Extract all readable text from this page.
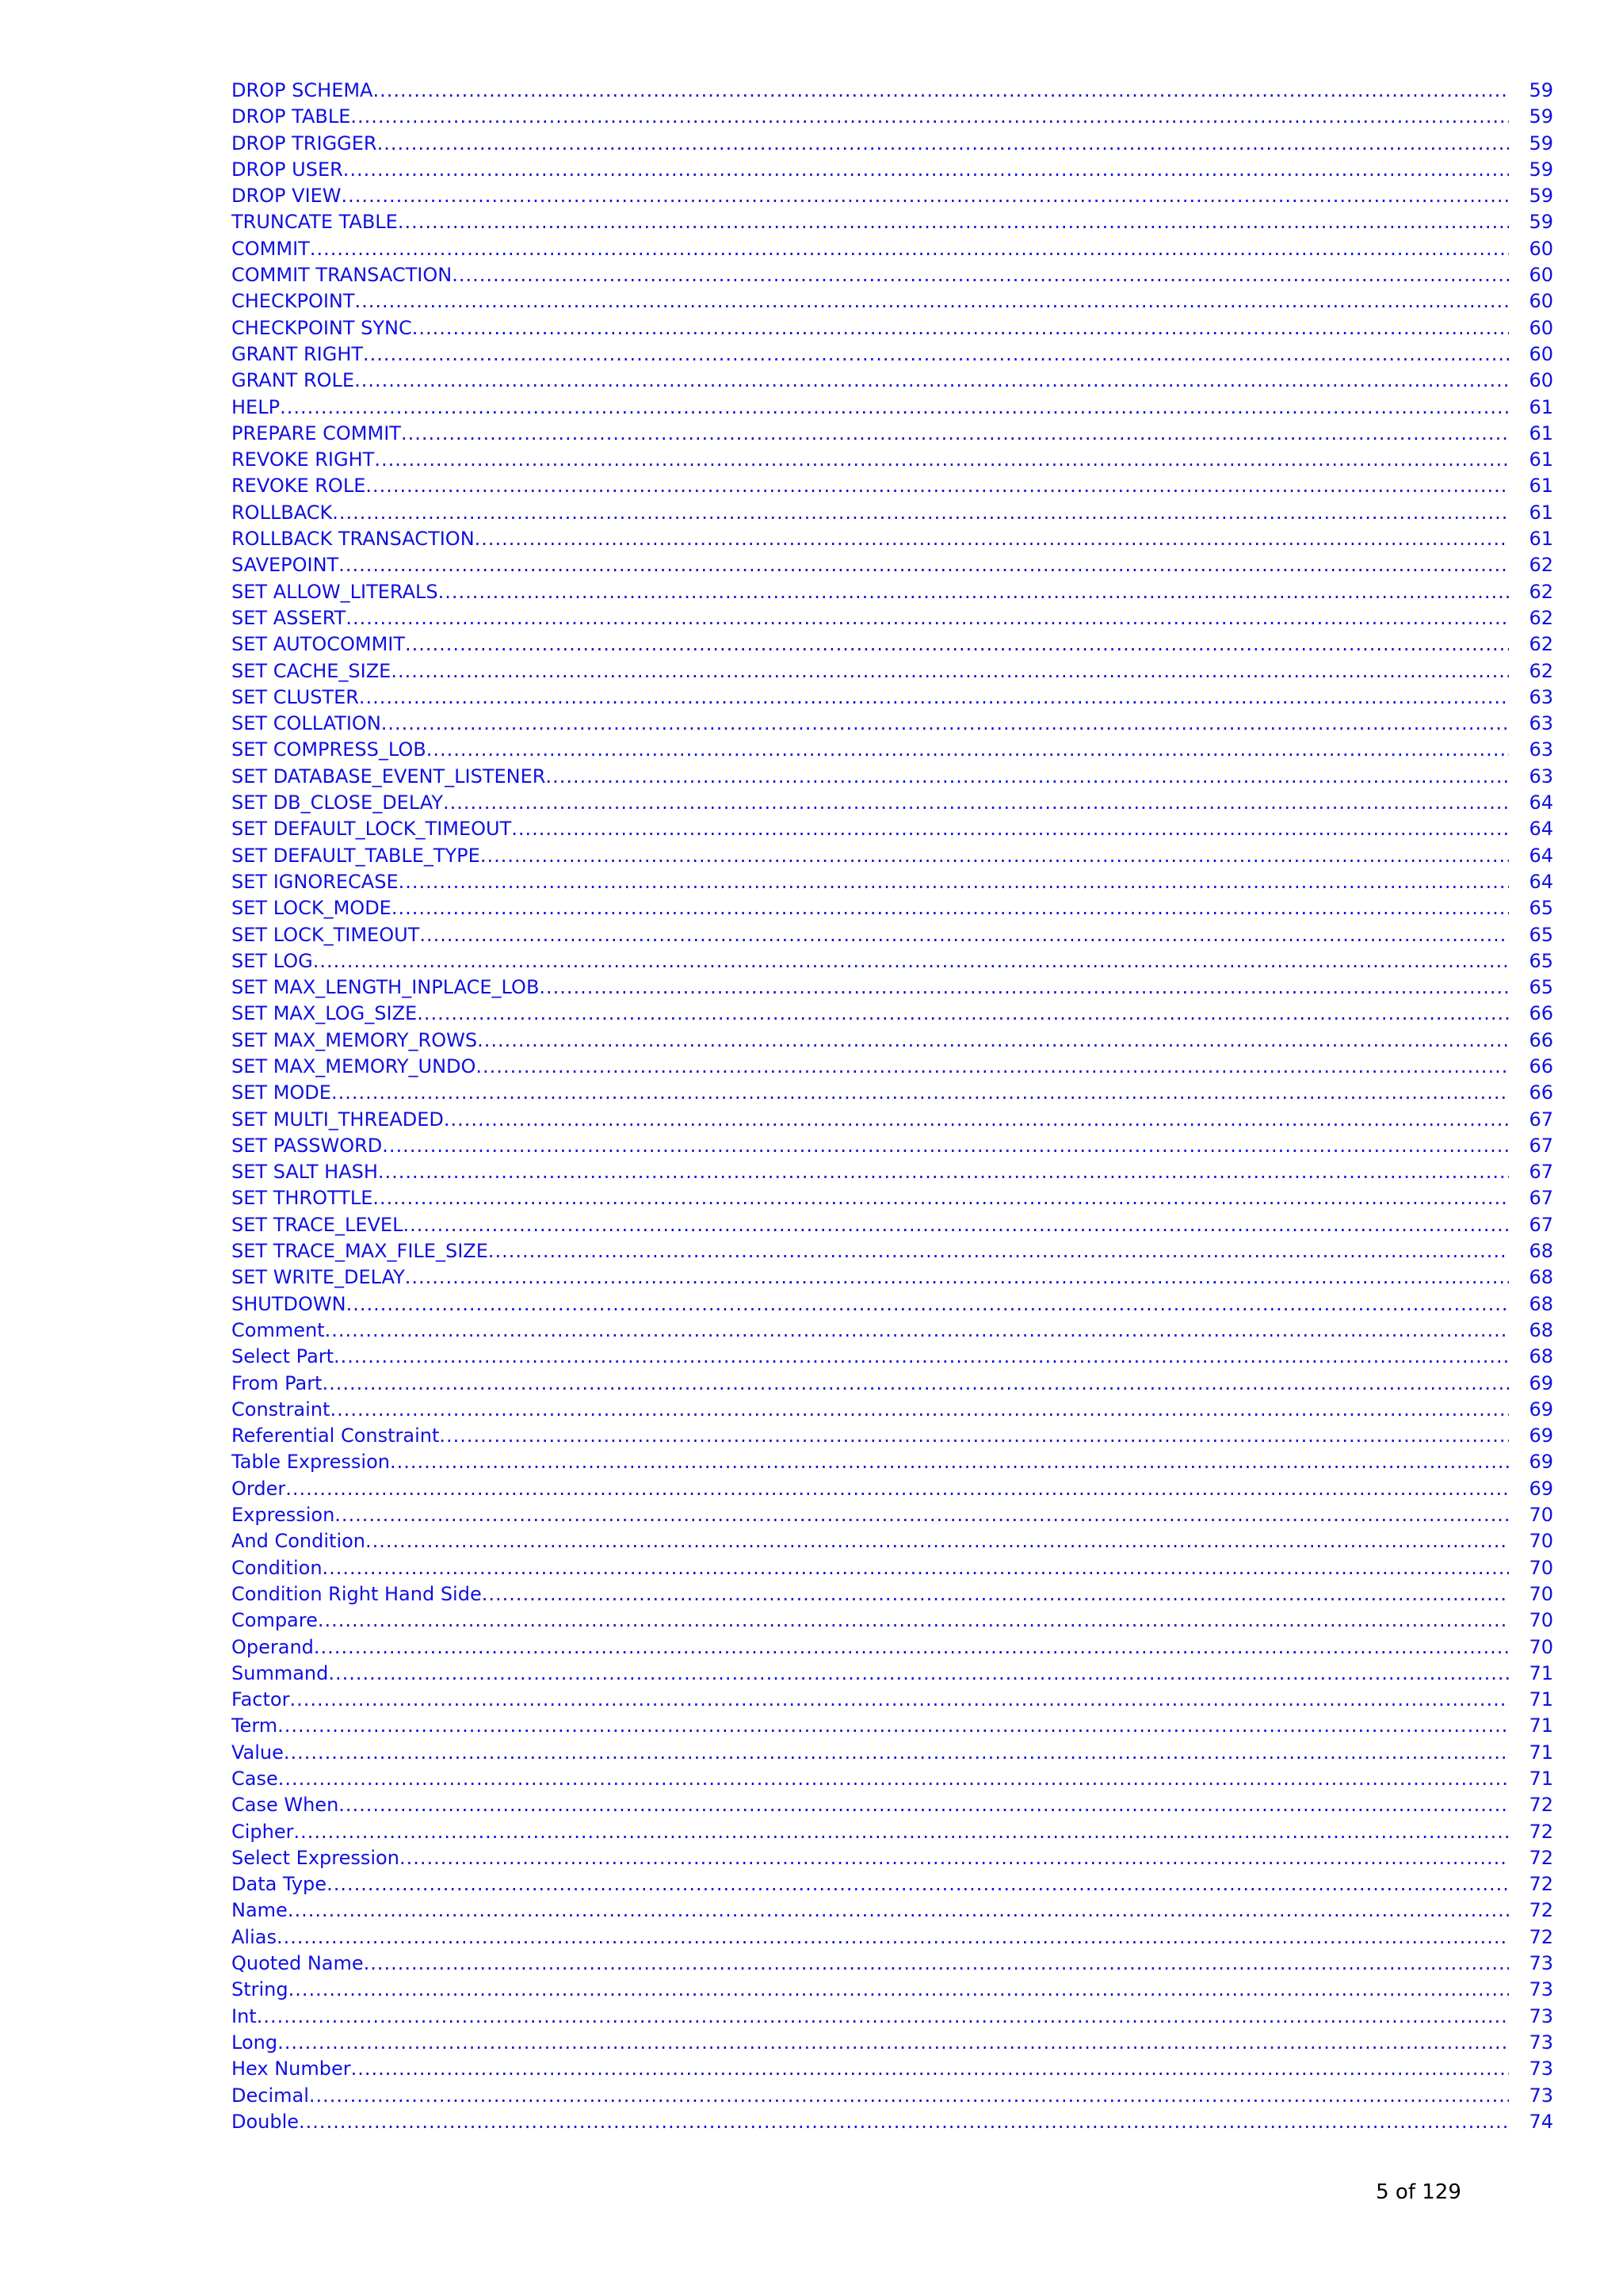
DROP SCHEMA .....	59
DROP TABLE .....	59
DROP TRIGGER .....	59
DROP USER .....	59
DROP VIEW .....	59
TRUNCATE TABLE .....	59
COMMIT .....	60
COMMIT TRANSACTION .....	60
CHECKPOINT .....	60
CHECKPOINT SYNC .....	60
GRANT RIGHT .....	60
GRANT ROLE .....	60
HELP .....	61
PREPARE COMMIT .....	61
REVOKE RIGHT .....	61
REVOKE ROLE .....	61
ROLLBACK .....	61
ROLLBACK TRANSACTION .....	61
SAVEPOINT .....	62
SET ALLOW_LITERALS .....	62
SET ASSERT .....	62
SET AUTOCOMMIT .....	62
SET CACHE_SIZE .....	62
SET CLUSTER .....	63
SET COLLATION .....	63
SET COMPRESS_LOB .....	63
SET DATABASE_EVENT_LISTENER .....	63
SET DB_CLOSE_DELAY .....	64
SET DEFAULT_LOCK_TIMEOUT .....	64
SET DEFAULT_TABLE_TYPE .....	64
SET IGNORECASE .....	64
SET LOCK_MODE .....	65
SET LOCK_TIMEOUT .....	65
SET LOG .....	65
SET MAX_LENGTH_INPLACE_LOB .....	65
SET MAX_LOG_SIZE .....	66
SET MAX_MEMORY_ROWS .....	66
SET MAX_MEMORY_UNDO .....	66
SET MODE .....	66
SET MULTI_THREADED .....	67
SET PASSWORD .....	67
SET SALT HASH .....	67
SET THROTTLE .....	67
SET TRACE_LEVEL .....	67
SET TRACE_MAX_FILE_SIZE .....	68
SET WRITE_DELAY .....	68
SHUTDOWN .....	68
Comment .....	68
Select Part .....	68
From Part .....	69
Constraint .....	69
Referential Constraint .....	69
Table Expression .....	69
Order .....	69
Expression .....	70
And Condition .....	70
Condition .....	70
Condition Right Hand Side .....	70
Compare .....	70
Operand .....	70
Summand .....	71
Factor .....	71
Term .....	71
Value .....	71
Case .....	71
Case When .....	72
Cipher .....	72
Select Expression .....	72
Data Type .....	72
Name .....	72
Alias .....	72
Quoted Name .....	73
String .....	73
Int .....	73
Long .....	73
Hex Number .....	73
Decimal .....	73
Double .....	74
5 of 129
